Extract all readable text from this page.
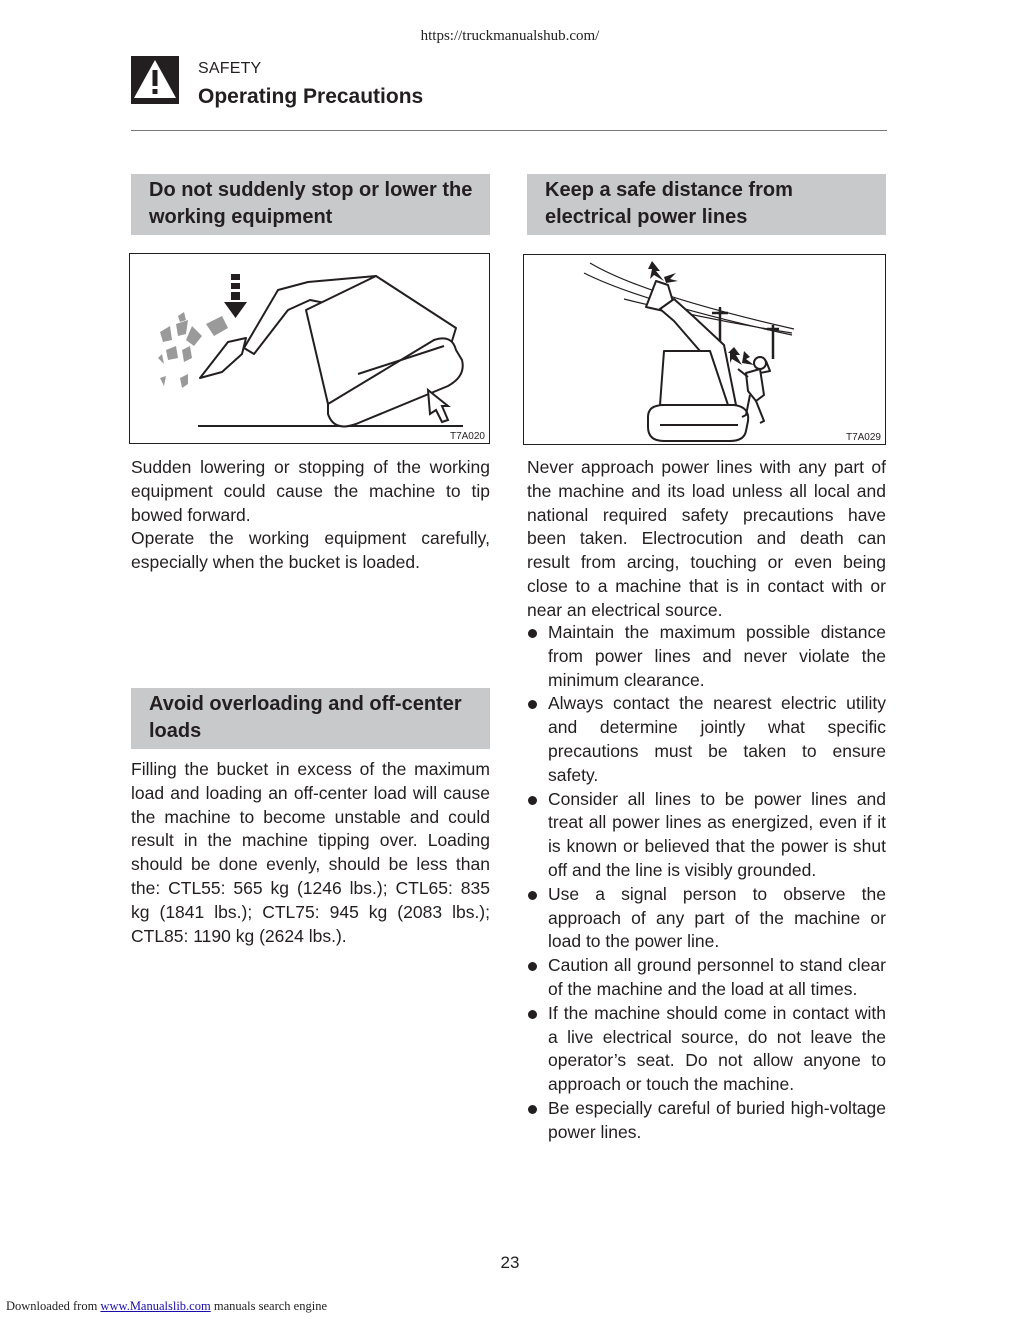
https://truckmanualshub.com/
SAFETY
Operating Precautions
Do not suddenly stop or lower the working equipment
T7A020

Sudden lowering or stopping of the working equipment could cause the machine to tip bowed forward.

Operate the working equipment carefully, especially when the bucket is loaded.

Avoid overloading and off-center loads

Filling the bucket in excess of the maximum load and loading an off-center load will cause the machine to become unstable and could result in the machine tipping over. Loading should be done evenly, should be less than the: CTL55: 565 kg (1246 lbs.); CTL65: 835 kg (1841 lbs.); CTL75: 945 kg (2083 lbs.); CTL85: 1190 kg (2624 lbs.).

Keep a safe distance from electrical power lines
T7A029

Never approach power lines with any part of the machine and its load unless all local and national required safety precautions have been taken. Electrocution and death can result from arcing, touching or even being close to a machine that is in contact with or near an electrical source.

Maintain the maximum possible distance from power lines and never violate the minimum clearance.
Always contact the nearest electric utility and determine jointly what specific precautions must be taken to ensure safety.
Consider all lines to be power lines and treat all power lines as energized, even if it is known or believed that the power is shut off and the line is visibly grounded.
Use a signal person to observe the approach of any part of the machine or load to the power line.
Caution all ground personnel to stand clear of the machine and the load at all times.
If the machine should come in contact with a live electrical source, do not leave the operator’s seat. Do not allow anyone to approach or touch the machine.
Be especially careful of buried high-voltage power lines.
23
Downloaded from www.Manualslib.com manuals search engine
